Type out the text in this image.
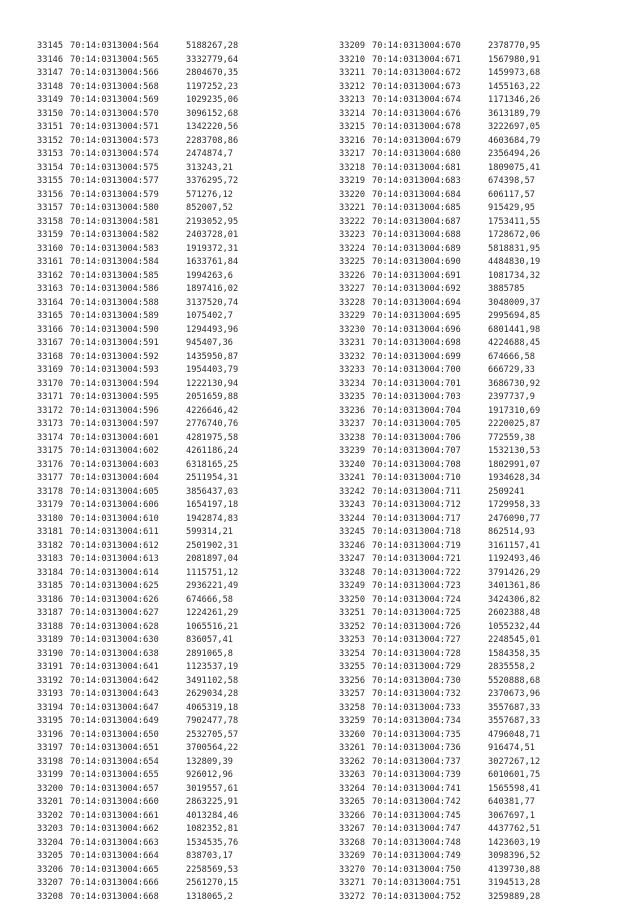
33145 70:14:0313004:564	5188267,28
33146 70:14:0313004:565	3332779,64
33147 70:14:0313004:566	2804670,35
33148 70:14:0313004:568	1197252,23
33149 70:14:0313004:569	1029235,06
33150 70:14:0313004:570	3096152,68
33151 70:14:0313004:571	1342220,56
33152 70:14:0313004:573	2283708,86
33153 70:14:0313004:574	2474874,7
33154 70:14:0313004:575	313243,21
33155 70:14:0313004:577	3376295,72
33156 70:14:0313004:579	571276,12
33157 70:14:0313004:580	852007,52
33158 70:14:0313004:581	2193052,95
33159 70:14:0313004:582	2403728,01
33160 70:14:0313004:583	1919372,31
33161 70:14:0313004:584	1633761,84
33162 70:14:0313004:585	1994263,6
33163 70:14:0313004:586	1897416,02
33164 70:14:0313004:588	3137520,74
33165 70:14:0313004:589	1075402,7
33166 70:14:0313004:590	1294493,96
33167 70:14:0313004:591	945407,36
33168 70:14:0313004:592	1435950,87
33169 70:14:0313004:593	1954403,79
33170 70:14:0313004:594	1222130,94
33171 70:14:0313004:595	2051659,88
33172 70:14:0313004:596	4226646,42
33173 70:14:0313004:597	2776740,76
33174 70:14:0313004:601	4281975,58
33175 70:14:0313004:602	4261186,24
33176 70:14:0313004:603	6318165,25
33177 70:14:0313004:604	2511954,31
33178 70:14:0313004:605	3856437,03
33179 70:14:0313004:606	1654197,18
33180 70:14:0313004:610	1942874,83
33181 70:14:0313004:611	599314,21
33182 70:14:0313004:612	2501902,31
33183 70:14:0313004:613	2081897,04
33184 70:14:0313004:614	1115751,12
33185 70:14:0313004:625	2936221,49
33186 70:14:0313004:626	674666,58
33187 70:14:0313004:627	1224261,29
33188 70:14:0313004:628	1065516,21
33189 70:14:0313004:630	836057,41
33190 70:14:0313004:638	2891065,8
33191 70:14:0313004:641	1123537,19
33192 70:14:0313004:642	3491102,58
33193 70:14:0313004:643	2629034,28
33194 70:14:0313004:647	4065319,18
33195 70:14:0313004:649	7902477,78
33196 70:14:0313004:650	2532705,57
33197 70:14:0313004:651	3700564,22
33198 70:14:0313004:654	132809,39
33199 70:14:0313004:655	926012,96
33200 70:14:0313004:657	3019557,61
33201 70:14:0313004:660	2863225,91
33202 70:14:0313004:661	4013284,46
33203 70:14:0313004:662	1082352,81
33204 70:14:0313004:663	1534535,76
33205 70:14:0313004:664	838703,17
33206 70:14:0313004:665	2258569,53
33207 70:14:0313004:666	2561270,15
33208 70:14:0313004:668	1318065,2
33209 70:14:0313004:670	2378770,95
33210 70:14:0313004:671	1567980,91
33211 70:14:0313004:672	1459973,68
33212 70:14:0313004:673	1455163,22
33213 70:14:0313004:674	1171346,26
33214 70:14:0313004:676	3613189,79
33215 70:14:0313004:678	3222697,05
33216 70:14:0313004:679	4603684,79
33217 70:14:0313004:680	2356494,26
33218 70:14:0313004:681	1809075,41
33219 70:14:0313004:683	674398,57
33220 70:14:0313004:684	606117,57
33221 70:14:0313004:685	915429,95
33222 70:14:0313004:687	1753411,55
33223 70:14:0313004:688	1728672,06
33224 70:14:0313004:689	5818831,95
33225 70:14:0313004:690	4484830,19
33226 70:14:0313004:691	1081734,32
33227 70:14:0313004:692	3885785
33228 70:14:0313004:694	3048009,37
33229 70:14:0313004:695	2995694,85
33230 70:14:0313004:696	6801441,98
33231 70:14:0313004:698	4224688,45
33232 70:14:0313004:699	674666,58
33233 70:14:0313004:700	666729,33
33234 70:14:0313004:701	3686730,92
33235 70:14:0313004:703	2397737,9
33236 70:14:0313004:704	1917310,69
33237 70:14:0313004:705	2220025,87
33238 70:14:0313004:706	772559,38
33239 70:14:0313004:707	1532130,53
33240 70:14:0313004:708	1802991,07
33241 70:14:0313004:710	1934628,34
33242 70:14:0313004:711	2509241
33243 70:14:0313004:712	1729958,33
33244 70:14:0313004:717	2476090,77
33245 70:14:0313004:718	862514,93
33246 70:14:0313004:719	3161157,41
33247 70:14:0313004:721	1192493,46
33248 70:14:0313004:722	3791426,29
33249 70:14:0313004:723	3401361,86
33250 70:14:0313004:724	3424306,82
33251 70:14:0313004:725	2602388,48
33252 70:14:0313004:726	1055232,44
33253 70:14:0313004:727	2248545,01
33254 70:14:0313004:728	1584358,35
33255 70:14:0313004:729	2835558,2
33256 70:14:0313004:730	5520888,68
33257 70:14:0313004:732	2370673,96
33258 70:14:0313004:733	3557687,33
33259 70:14:0313004:734	3557687,33
33260 70:14:0313004:735	4796048,71
33261 70:14:0313004:736	916474,51
33262 70:14:0313004:737	3027267,12
33263 70:14:0313004:739	6010601,75
33264 70:14:0313004:741	1565598,41
33265 70:14:0313004:742	640381,77
33266 70:14:0313004:745	3067697,1
33267 70:14:0313004:747	4437762,51
33268 70:14:0313004:748	1423603,19
33269 70:14:0313004:749	3098396,52
33270 70:14:0313004:750	4139730,88
33271 70:14:0313004:751	3194513,28
33272 70:14:0313004:752	3259889,28
